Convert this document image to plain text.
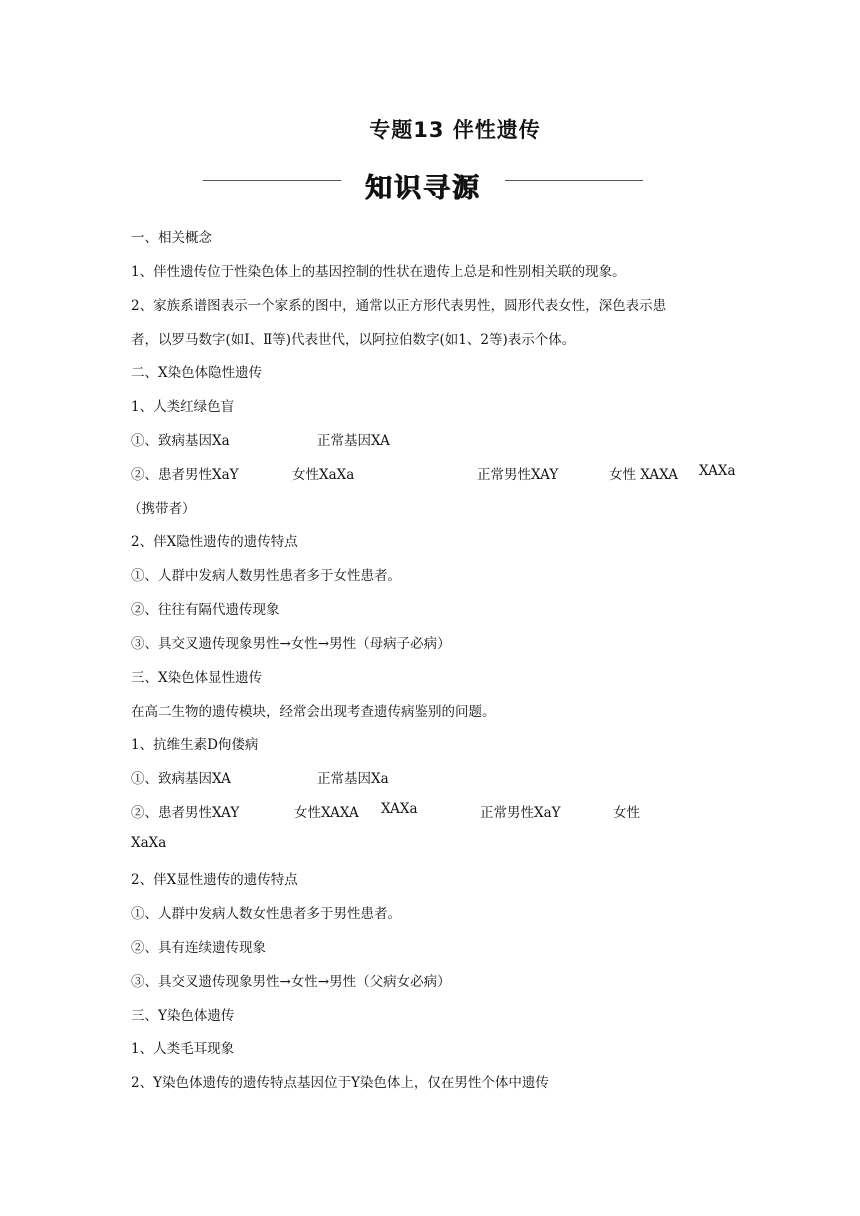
专题13 伴性遗传
知识寻源
一、相关概念
1、伴性遗传位于性染色体上的基因控制的性状在遗传上总是和性别相关联的现象。
2、家族系谱图表示一个家系的图中，通常以正方形代表男性，圆形代表女性，深色表示患
者，以罗马数字(如Ⅰ、Ⅱ等)代表世代，以阿拉伯数字(如1、2等)表示个体。
二、X染色体隐性遗传
1、人类红绿色盲
①、致病基因Xa	正常基因XA
②、患者男性XaY	女性XaXa	正常男性XAY	女性 XAXA XAXa
（携带者）
2、伴X隐性遗传的遗传特点
①、人群中发病人数男性患者多于女性患者。
②、往往有隔代遗传现象
③、具交叉遗传现象男性→女性→男性（母病子必病）
三、X染色体显性遗传
在高二生物的遗传模块，经常会出现考查遗传病鉴别的问题。
1、抗维生素D佝偻病
①、致病基因XA	正常基因Xa
②、患者男性XAY	女性XAXA XAXa	正常男性XaY	女性
XaXa
2、伴X显性遗传的遗传特点
①、人群中发病人数女性患者多于男性患者。
②、具有连续遗传现象
③、具交叉遗传现象男性→女性→男性（父病女必病）
三、Y染色体遗传
1、人类毛耳现象
2、Y染色体遗传的遗传特点基因位于Y染色体上，仅在男性个体中遗传
